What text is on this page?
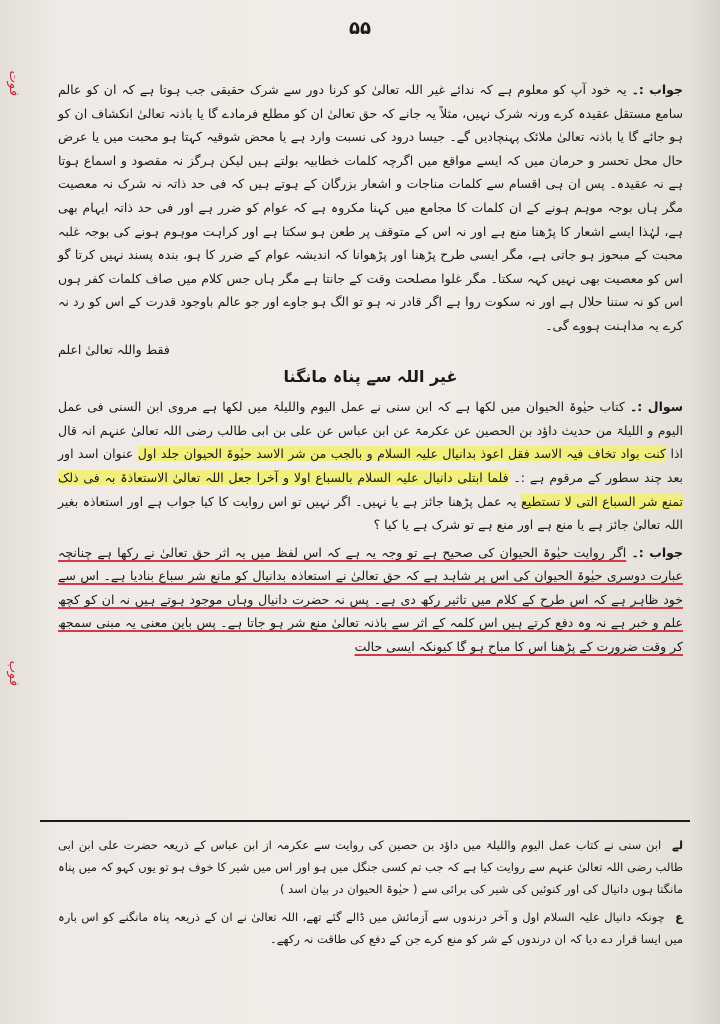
۵۵

جواب :۔ یہ خود آپ کو معلوم ہے کہ ندائے غیر اللہ تعالیٰ کو کرنا دور سے شرک حقیقی جب ہوتا ہے کہ ان کو عالم سامع مستقل عقیدہ کرے ورنہ شرک نہیں، مثلاً یہ جانے کہ حق تعالیٰ ان کو مطلع فرمادے گا یا باذنہ تعالیٰ انکشاف ان کو ہو جائے گا یا باذنہ تعالیٰ ملائک پہنچادیں گے۔ جیسا درود کی نسبت وارد ہے یا محض شوقیہ کہتا ہو محبت میں یا عرض حال محل تحسر و حرمان میں کہ ایسے مواقع میں اگرچہ کلمات خطابیہ بولتے ہیں لیکن ہرگز نہ مقصود و اسماع ہوتا ہے نہ عقیدہ۔ پس ان ہی اقسام سے کلمات مناجات و اشعار بزرگان کے ہوتے ہیں کہ فی حد ذاتہ نہ شرک نہ معصیت مگر ہاں بوجہ موہم ہونے کے ان کلمات کا مجامع میں کہنا مکروہ ہے کہ عوام کو ضرر ہے اور فی حد ذاتہ ایہام بھی ہے، لہٰذا ایسے اشعار کا پڑھنا منع ہے اور نہ اس کے متوقف پر طعن ہو سکتا ہے اور کراہت موہوم ہونے کی بوجہ غلبہ محبت کے مبحوز ہو جاتی ہے، مگر ایسی طرح پڑھنا اور پڑھوانا کہ اندیشہ عوام کے ضرر کا ہو، بندہ پسند نہیں کرتا گو اس کو معصیت بھی نہیں کہہ سکتا۔ مگر غلوا مصلحت وقت کے جانتا ہے مگر ہاں جس کلام میں صاف کلمات کفر ہوں اس کو نہ سننا حلال ہے اور نہ سکوت روا ہے اگر قادر نہ ہو تو الگ ہو جاوے اور جو عالم باوجود قدرت کے اس کو رد نہ کرے یہ مداہنت ہووے گی۔

فقط واللہ تعالیٰ اعلم

غیر اللہ سے پناہ مانگنا

سوال :۔ کتاب حیٰوۃ الحیوان میں لکھا ہے کہ ابن سنی نے عمل الیوم واللیلۃ میں لکھا ہے مروی ابن السنی فی عمل الیوم و اللیلۃ من حدیث داؤد بن الحصین عن عکرمۃ عن ابن عباس عن علی بن ابی طالب رضی اللہ تعالیٰ عنہم انہ قال اذا کنت بواد تخاف فیہ الاسد فقل اعوذ بدانیال علیہ السلام و بالجب من شر الاسد حیٰوۃ الحیوان جلد اول عنوان اسد اور بعد چند سطور کے مرقوم ہے :۔ فلما ابتلی دانیال علیہ السلام بالسباع اولا و آخرا جعل اللہ تعالیٰ الاستعاذۃ بہ فی ذلک تمنع شر السباع التی لا تستطیع یہ عمل پڑھنا جائز ہے یا نہیں۔ اگر نہیں تو اس روایت کا کیا جواب ہے اور استعاذہ بغیر اللہ تعالیٰ جائز ہے یا منع ہے اور منع ہے تو شرک ہے یا کیا ؟

جواب :۔ اگر روایت حیٰوۃ الحیوان کی صحیح ہے تو وجہ یہ ہے کہ اس لفظ میں یہ اثر حق تعالیٰ نے رکھا ہے چنانچہ عبارت دوسری حیٰوۃ الحیوان کی اس پر شاہد ہے کہ حق تعالیٰ نے استعاذہ بدانیال کو مانع شر سباع بنادیا ہے۔ اس سے خود ظاہر ہے کہ اس طرح کے کلام میں تاثیر رکھ دی ہے۔ پس نہ حضرت دانیال وہاں موجود ہوتے ہیں نہ ان کو کچھ علم و خبر ہے نہ وہ دفع کرتے ہیں اس کلمہ کے اثر سے باذنہ تعالیٰ منع شر ہو جاتا ہے۔ پس باین معنی یہ مبنی سمجھ کر وقت ضرورت کے پڑھنا اس کا مباح ہو گا کیونکہ ایسی حالت

لے ابن سنی نے کتاب عمل الیوم واللیلۃ میں داؤد بن حصین کی روایت سے عکرمہ از ابن عباس کے ذریعہ حضرت علی ابن ابی طالب رضی اللہ تعالیٰ عنہم سے روایت کیا ہے کہ جب تم کسی جنگل میں ہو اور اس میں شیر کا خوف ہو تو یوں کہو کہ میں پناہ مانگتا ہوں دانیال کی اور کنوئیں کی شیر کی برائی سے ( حیٰوۃ الحیوان در بیان اسد )

ع چونکہ دانیال علیہ السلام اول و آخر درندوں سے آزمائش میں ڈالے گئے تھے، اللہ تعالیٰ نے ان کے ذریعہ پناہ مانگنے کو اس بارہ میں ایسا قرار دے دیا کہ ان درندوں کے شر کو منع کرے جن کے دفع کی طاقت نہ رکھے۔

فوت
فوب
